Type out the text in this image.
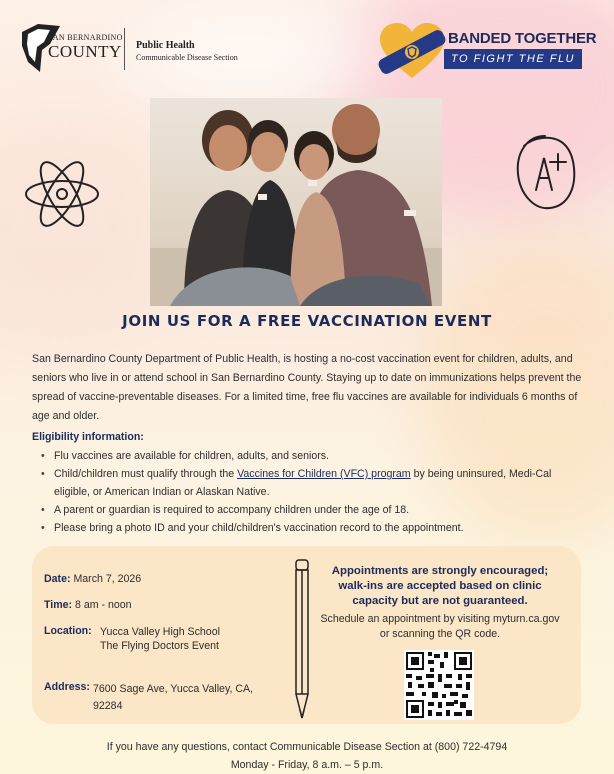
SAN BERNARDINO
COUNTY Public Health
Communicable Disease Section
BANDED TOGETHER
TO FIGHT THE FLU
JOIN US FOR A FREE VACCINATION EVENT
San Bernardino County Department of Public Health, is hosting a no-cost vaccination event for children, adults, and seniors who live in or attend school in San Bernardino County. Staying up to date on immunizations helps prevent the spread of vaccine-preventable diseases. For a limited time, free flu vaccines are available for individuals 6 months of age and older.
Eligibility information:
• Flu vaccines are available for children, adults, and seniors.
• Child/children must qualify through the Vaccines for Children (VFC) program by being uninsured, Medi-Cal eligible, or American Indian or Alaskan Native.
• A parent or guardian is required to accompany children under the age of 18.
• Please bring a photo ID and your child/children's vaccination record to the appointment.
Date: March 7, 2026
Time: 8 am - noon
Location: Yucca Valley High School
The Flying Doctors Event
Address: 7600 Sage Ave, Yucca Valley, CA,
92284
Appointments are strongly encouraged; walk-ins are accepted based on clinic capacity but are not guaranteed.
Schedule an appointment by visiting myturn.ca.gov or scanning the QR code.
If you have any questions, contact Communicable Disease Section at (800) 722-4794
Monday - Friday, 8 a.m. – 5 p.m.
